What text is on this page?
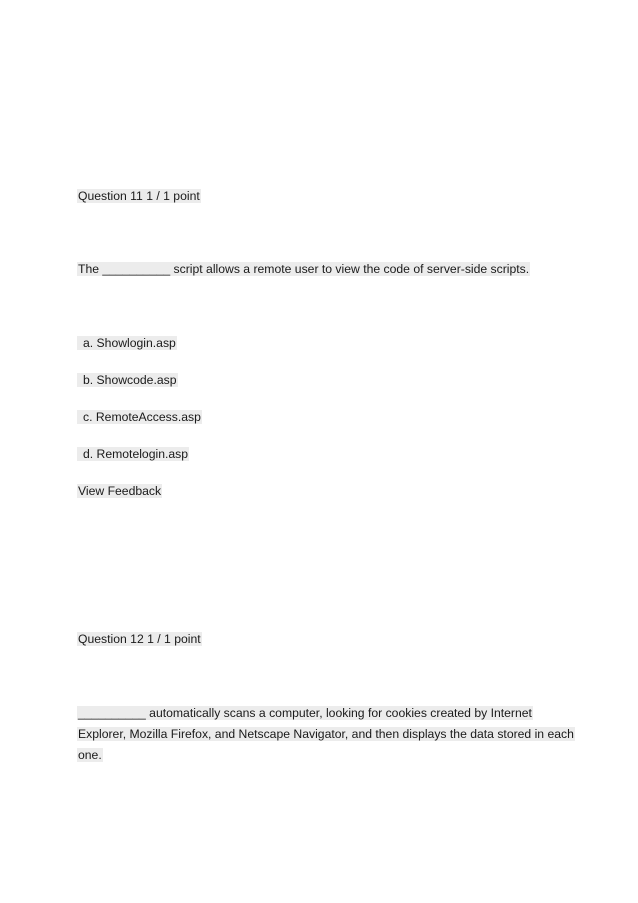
Question 11 1 / 1 point
The __________ script allows a remote user to view the code of server-side scripts.
a. Showlogin.asp
b. Showcode.asp
c. RemoteAccess.asp
d. Remotelogin.asp
View Feedback
Question 12 1 / 1 point
__________ automatically scans a computer, looking for cookies created by Internet
Explorer, Mozilla Firefox, and Netscape Navigator, and then displays the data stored in each
one.
